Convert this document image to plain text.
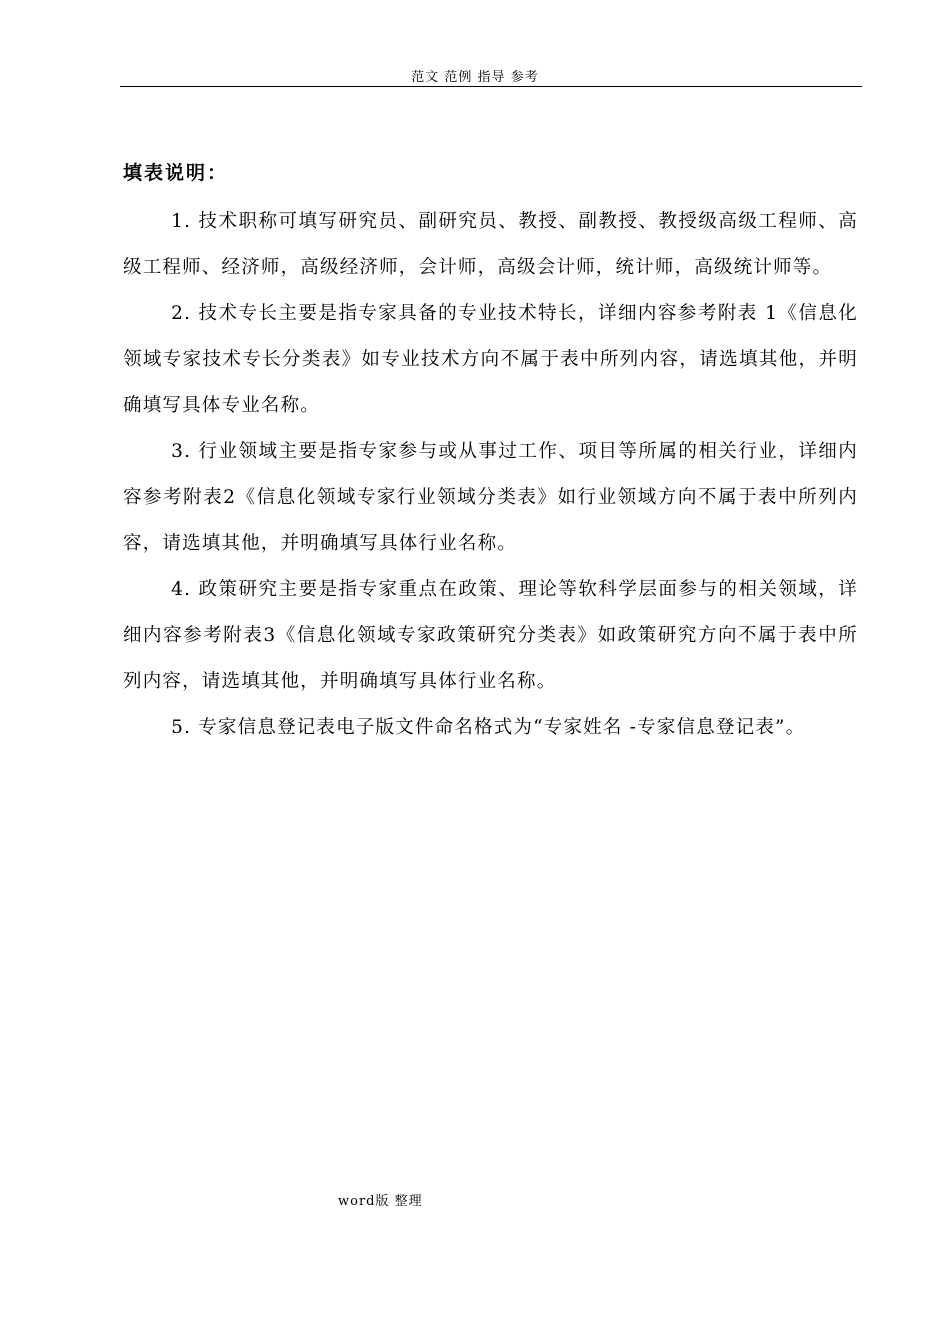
范文 范例 指导 参考
填表说明：

1. 技术职称可填写研究员、副研究员、教授、副教授、教授级高级工程师、高级工程师、经济师，高级经济师，会计师，高级会计师，统计师，高级统计师等。

2. 技术专长主要是指专家具备的专业技术特长，详细内容参考附表 1《信息化领域专家技术专长分类表》如专业技术方向不属于表中所列内容，请选填其他，并明确填写具体专业名称。

3. 行业领域主要是指专家参与或从事过工作、项目等所属的相关行业，详细内容参考附表2《信息化领域专家行业领域分类表》如行业领域方向不属于表中所列内容，请选填其他，并明确填写具体行业名称。

4. 政策研究主要是指专家重点在政策、理论等软科学层面参与的相关领域，详细内容参考附表3《信息化领域专家政策研究分类表》如政策研究方向不属于表中所列内容，请选填其他，并明确填写具体行业名称。

5. 专家信息登记表电子版文件命名格式为“专家姓名 -专家信息登记表”。

word版 整理
